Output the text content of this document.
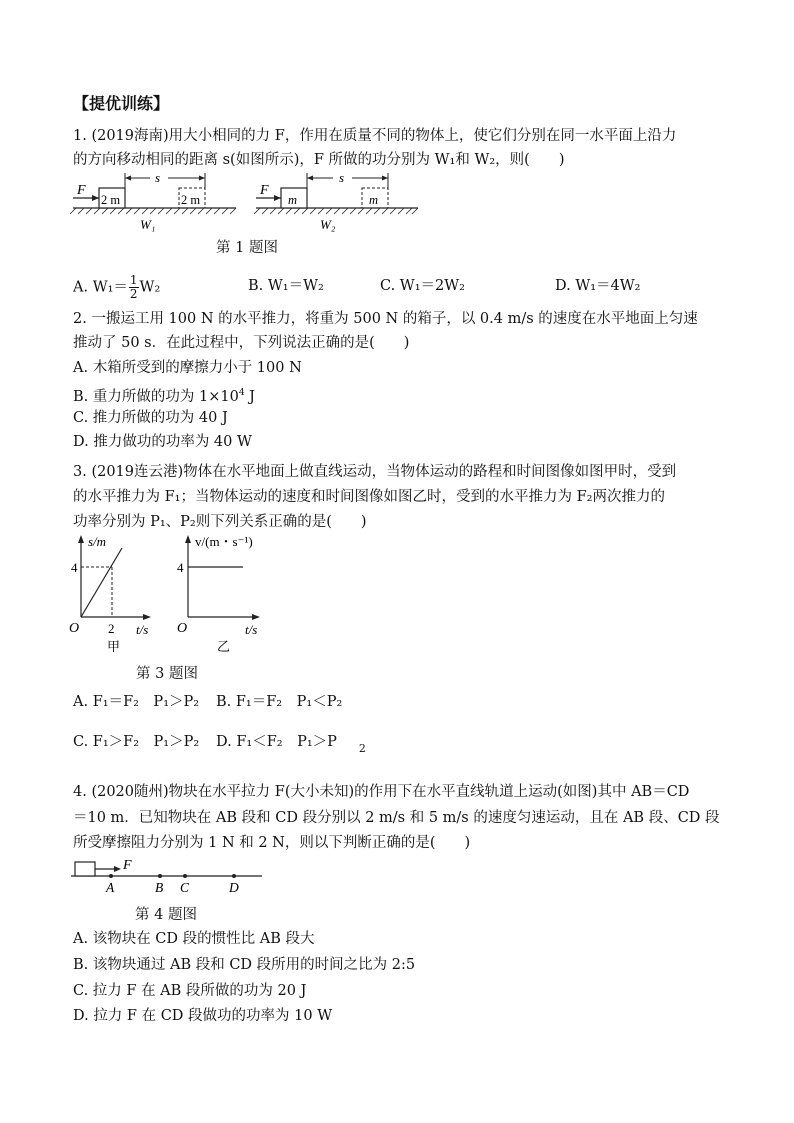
【提优训练】
1. (2019海南)用大小相同的力 F，作用在质量不同的物体上，使它们分别在同一水平面上沿力
的方向移动相同的距离 s(如图所示)，F 所做的功分别为 W₁和 W₂，则(　　)
F
2 m
s
2 m
W₁
F
m
s
m
W₂
第 1 题图
A. $W_1= \frac{1}{2} W_2$	B. W₁＝W₂	C. W₁＝2W₂	D. W₁＝4W₂
2. 一搬运工用 100 N 的水平推力，将重为 500 N 的箱子，以 0.4 m/s 的速度在水平地面上匀速
推动了 50 s．在此过程中，下列说法正确的是(　　)
A. 木箱所受到的摩擦力小于 100 N
B. 重力所做的功为 $1\times 10^4$ J
C. 推力所做的功为 40 J
D. 推力做功的功率为 40 W
3. (2019连云港)物体在水平地面上做直线运动，当物体运动的路程和时间图像如图甲时，受到
的水平推力为 F₁；当物体运动的速度和时间图像如图乙时，受到的水平推力为 F₂两次推力的
功率分别为 P₁、P₂则下列关系正确的是(　　)
s/m
4
2 t/s
O
甲
v/(m・s⁻¹)
4
t/s
O
乙
第 3 题图
A. F₁＝F₂　P₁＞P₂ B. F₁＝F₂　P₁＜P₂
C. F₁＞F₂　P₁＞P₂ D. F₁＜F₂　P₁＞P 2
4. (2020随州)物块在水平拉力 F(大小未知)的作用下在水平直线轨道上运动(如图)其中 AB＝CD
＝10 m．已知物块在 AB 段和 CD 段分别以 2 m/s 和 5 m/s 的速度匀速运动，且在 AB 段、CD 段
所受摩擦阻力分别为 1 N 和 2 N，则以下判断正确的是(　　)
F
A	B C	D
第 4 题图
A. 该物块在 CD 段的惯性比 AB 段大
B. 该物块通过 AB 段和 CD 段所用的时间之比为 2:5
C. 拉力 F 在 AB 段所做的功为 20 J
D. 拉力 F 在 CD 段做功的功率为 10 W
